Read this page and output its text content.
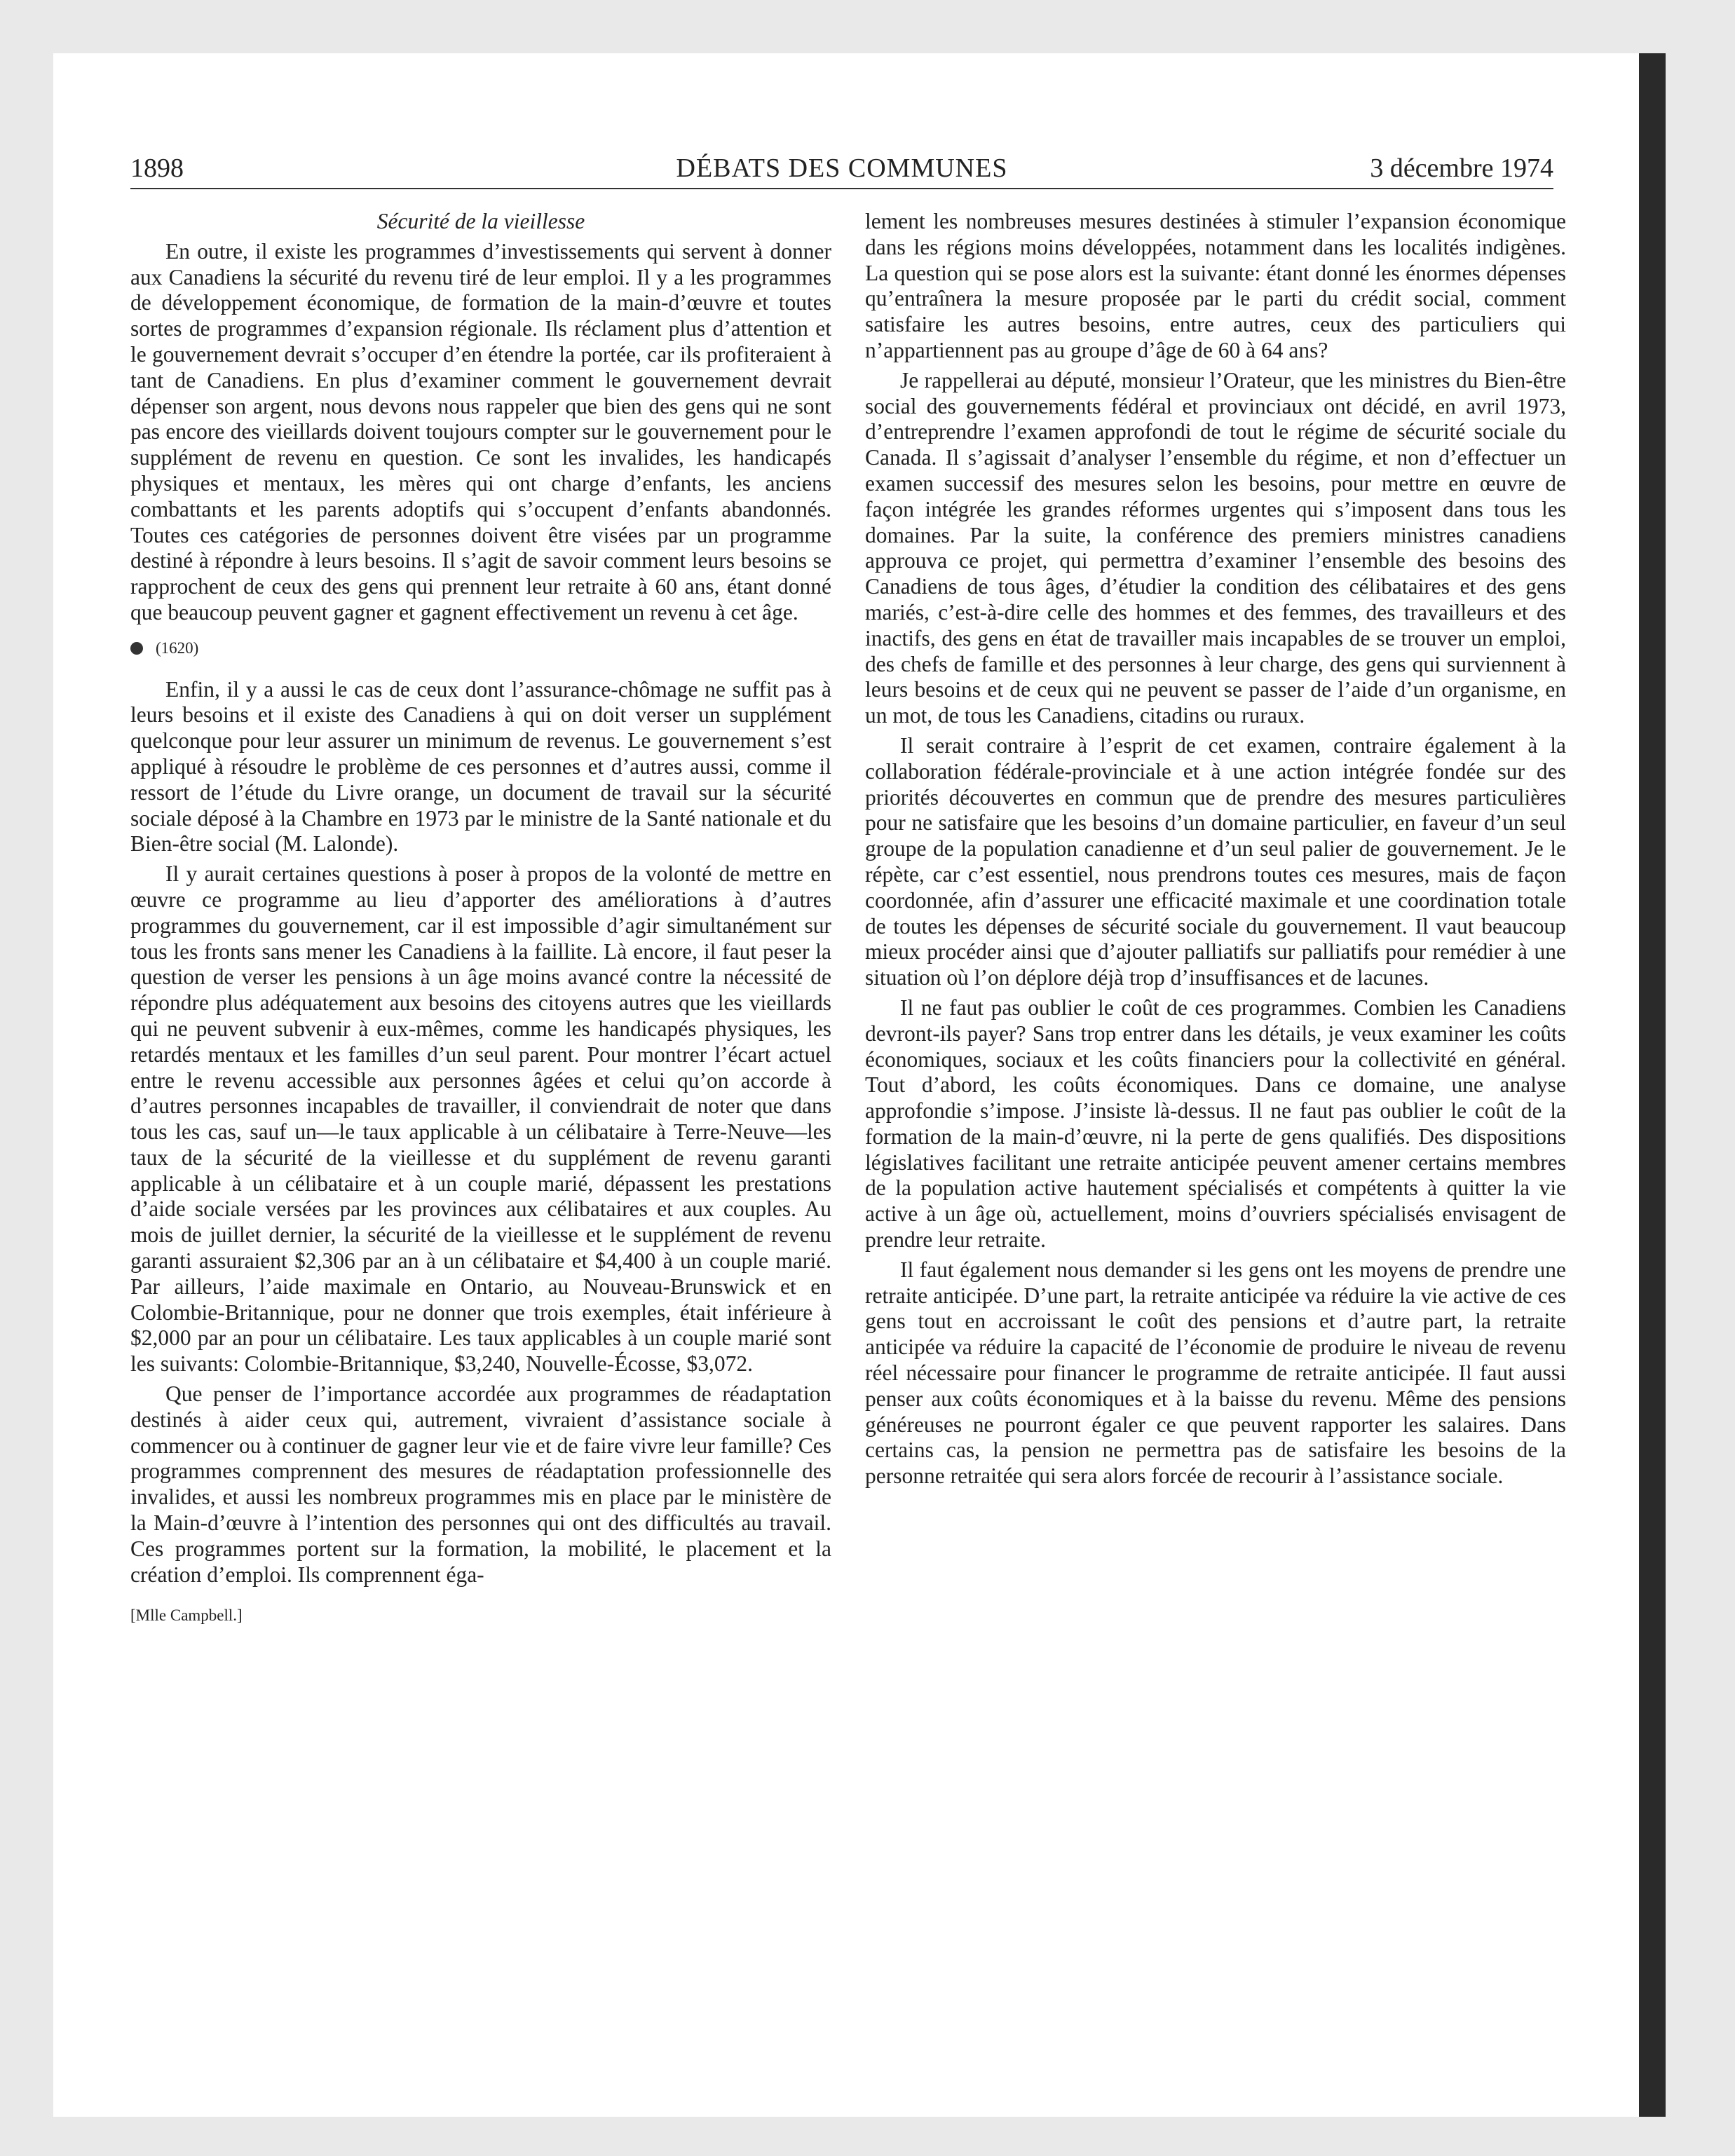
1898	DÉBATS DES COMMUNES	3 décembre 1974

Sécurité de la vieillesse

En outre, il existe les programmes d’investissements qui servent à donner aux Canadiens la sécurité du revenu tiré de leur emploi. Il y a les programmes de développement économique, de formation de la main-d’œuvre et toutes sortes de programmes d’expansion régionale. Ils réclament plus d’attention et le gouvernement devrait s’occuper d’en étendre la portée, car ils profiteraient à tant de Canadiens. En plus d’examiner comment le gouvernement devrait dépenser son argent, nous devons nous rappeler que bien des gens qui ne sont pas encore des vieillards doivent toujours compter sur le gouvernement pour le supplément de revenu en question. Ce sont les invalides, les handicapés physiques et mentaux, les mères qui ont charge d’enfants, les anciens combattants et les parents adoptifs qui s’occupent d’enfants abandonnés. Toutes ces catégories de personnes doivent être visées par un programme destiné à répondre à leurs besoins. Il s’agit de savoir comment leurs besoins se rapprochent de ceux des gens qui prennent leur retraite à 60 ans, étant donné que beaucoup peuvent gagner et gagnent effectivement un revenu à cet âge.

(1620)

Enfin, il y a aussi le cas de ceux dont l’assurance-chômage ne suffit pas à leurs besoins et il existe des Canadiens à qui on doit verser un supplément quelconque pour leur assurer un minimum de revenus. Le gouvernement s’est appliqué à résoudre le problème de ces personnes et d’autres aussi, comme il ressort de l’étude du Livre orange, un document de travail sur la sécurité sociale déposé à la Chambre en 1973 par le ministre de la Santé nationale et du Bien-être social (M. Lalonde).

Il y aurait certaines questions à poser à propos de la volonté de mettre en œuvre ce programme au lieu d’apporter des améliorations à d’autres programmes du gouvernement, car il est impossible d’agir simultanément sur tous les fronts sans mener les Canadiens à la faillite. Là encore, il faut peser la question de verser les pensions à un âge moins avancé contre la nécessité de répondre plus adéquatement aux besoins des citoyens autres que les vieillards qui ne peuvent subvenir à eux-mêmes, comme les handicapés physiques, les retardés mentaux et les familles d’un seul parent. Pour montrer l’écart actuel entre le revenu accessible aux personnes âgées et celui qu’on accorde à d’autres personnes incapables de travailler, il conviendrait de noter que dans tous les cas, sauf un—le taux applicable à un célibataire à Terre-Neuve—les taux de la sécurité de la vieillesse et du supplément de revenu garanti applicable à un célibataire et à un couple marié, dépassent les prestations d’aide sociale versées par les provinces aux célibataires et aux couples. Au mois de juillet dernier, la sécurité de la vieillesse et le supplément de revenu garanti assuraient $2,306 par an à un célibataire et $4,400 à un couple marié. Par ailleurs, l’aide maximale en Ontario, au Nouveau-Brunswick et en Colombie-Britannique, pour ne donner que trois exemples, était inférieure à $2,000 par an pour un célibataire. Les taux applicables à un couple marié sont les suivants: Colombie-Britannique, $3,240, Nouvelle-Écosse, $3,072.

Que penser de l’importance accordée aux programmes de réadaptation destinés à aider ceux qui, autrement, vivraient d’assistance sociale à commencer ou à continuer de gagner leur vie et de faire vivre leur famille? Ces programmes comprennent des mesures de réadaptation professionnelle des invalides, et aussi les nombreux programmes mis en place par le ministère de la Main-d’œuvre à l’intention des personnes qui ont des difficultés au travail. Ces programmes portent sur la formation, la mobilité, le placement et la création d’emploi. Ils comprennent éga-

[Mlle Campbell.]

lement les nombreuses mesures destinées à stimuler l’expansion économique dans les régions moins développées, notamment dans les localités indigènes. La question qui se pose alors est la suivante: étant donné les énormes dépenses qu’entraînera la mesure proposée par le parti du crédit social, comment satisfaire les autres besoins, entre autres, ceux des particuliers qui n’appartiennent pas au groupe d’âge de 60 à 64 ans?

Je rappellerai au député, monsieur l’Orateur, que les ministres du Bien-être social des gouvernements fédéral et provinciaux ont décidé, en avril 1973, d’entreprendre l’examen approfondi de tout le régime de sécurité sociale du Canada. Il s’agissait d’analyser l’ensemble du régime, et non d’effectuer un examen successif des mesures selon les besoins, pour mettre en œuvre de façon intégrée les grandes réformes urgentes qui s’imposent dans tous les domaines. Par la suite, la conférence des premiers ministres canadiens approuva ce projet, qui permettra d’examiner l’ensemble des besoins des Canadiens de tous âges, d’étudier la condition des célibataires et des gens mariés, c’est-à-dire celle des hommes et des femmes, des travailleurs et des inactifs, des gens en état de travailler mais incapables de se trouver un emploi, des chefs de famille et des personnes à leur charge, des gens qui surviennent à leurs besoins et de ceux qui ne peuvent se passer de l’aide d’un organisme, en un mot, de tous les Canadiens, citadins ou ruraux.

Il serait contraire à l’esprit de cet examen, contraire également à la collaboration fédérale-provinciale et à une action intégrée fondée sur des priorités découvertes en commun que de prendre des mesures particulières pour ne satisfaire que les besoins d’un domaine particulier, en faveur d’un seul groupe de la population canadienne et d’un seul palier de gouvernement. Je le répète, car c’est essentiel, nous prendrons toutes ces mesures, mais de façon coordonnée, afin d’assurer une efficacité maximale et une coordination totale de toutes les dépenses de sécurité sociale du gouvernement. Il vaut beaucoup mieux procéder ainsi que d’ajouter palliatifs sur palliatifs pour remédier à une situation où l’on déplore déjà trop d’insuffisances et de lacunes.

Il ne faut pas oublier le coût de ces programmes. Combien les Canadiens devront-ils payer? Sans trop entrer dans les détails, je veux examiner les coûts économiques, sociaux et les coûts financiers pour la collectivité en général. Tout d’abord, les coûts économiques. Dans ce domaine, une analyse approfondie s’impose. J’insiste là-dessus. Il ne faut pas oublier le coût de la formation de la main-d’œuvre, ni la perte de gens qualifiés. Des dispositions législatives facilitant une retraite anticipée peuvent amener certains membres de la population active hautement spécialisés et compétents à quitter la vie active à un âge où, actuellement, moins d’ouvriers spécialisés envisagent de prendre leur retraite.

Il faut également nous demander si les gens ont les moyens de prendre une retraite anticipée. D’une part, la retraite anticipée va réduire la vie active de ces gens tout en accroissant le coût des pensions et d’autre part, la retraite anticipée va réduire la capacité de l’économie de produire le niveau de revenu réel nécessaire pour financer le programme de retraite anticipée. Il faut aussi penser aux coûts économiques et à la baisse du revenu. Même des pensions généreuses ne pourront égaler ce que peuvent rapporter les salaires. Dans certains cas, la pension ne permettra pas de satisfaire les besoins de la personne retraitée qui sera alors forcée de recourir à l’assistance sociale.
